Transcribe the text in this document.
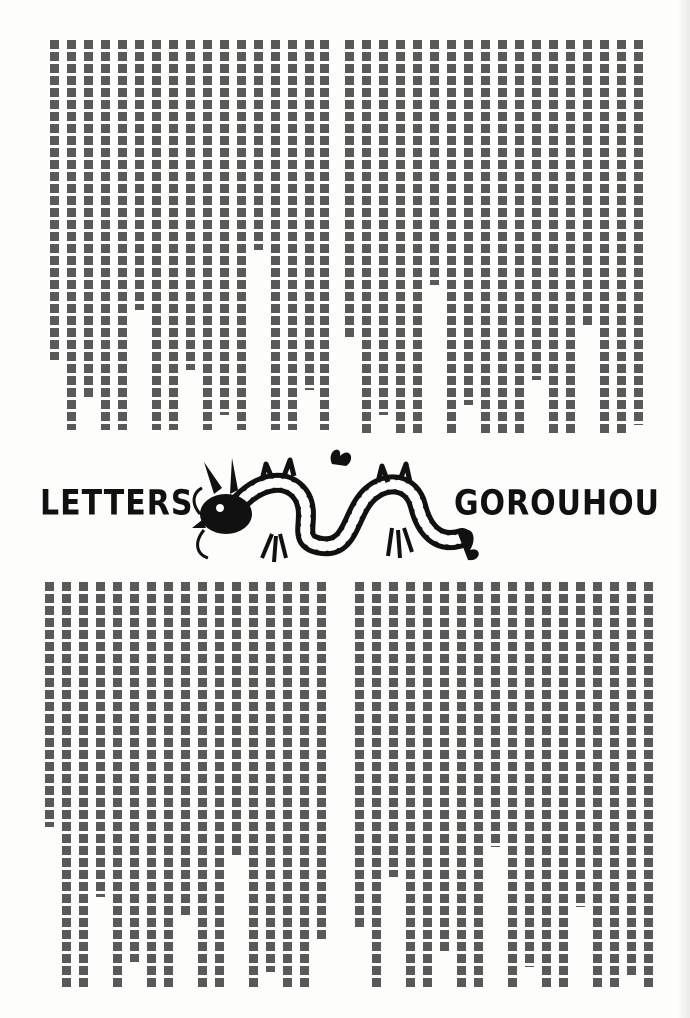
LETTERS	GOROUHOU
